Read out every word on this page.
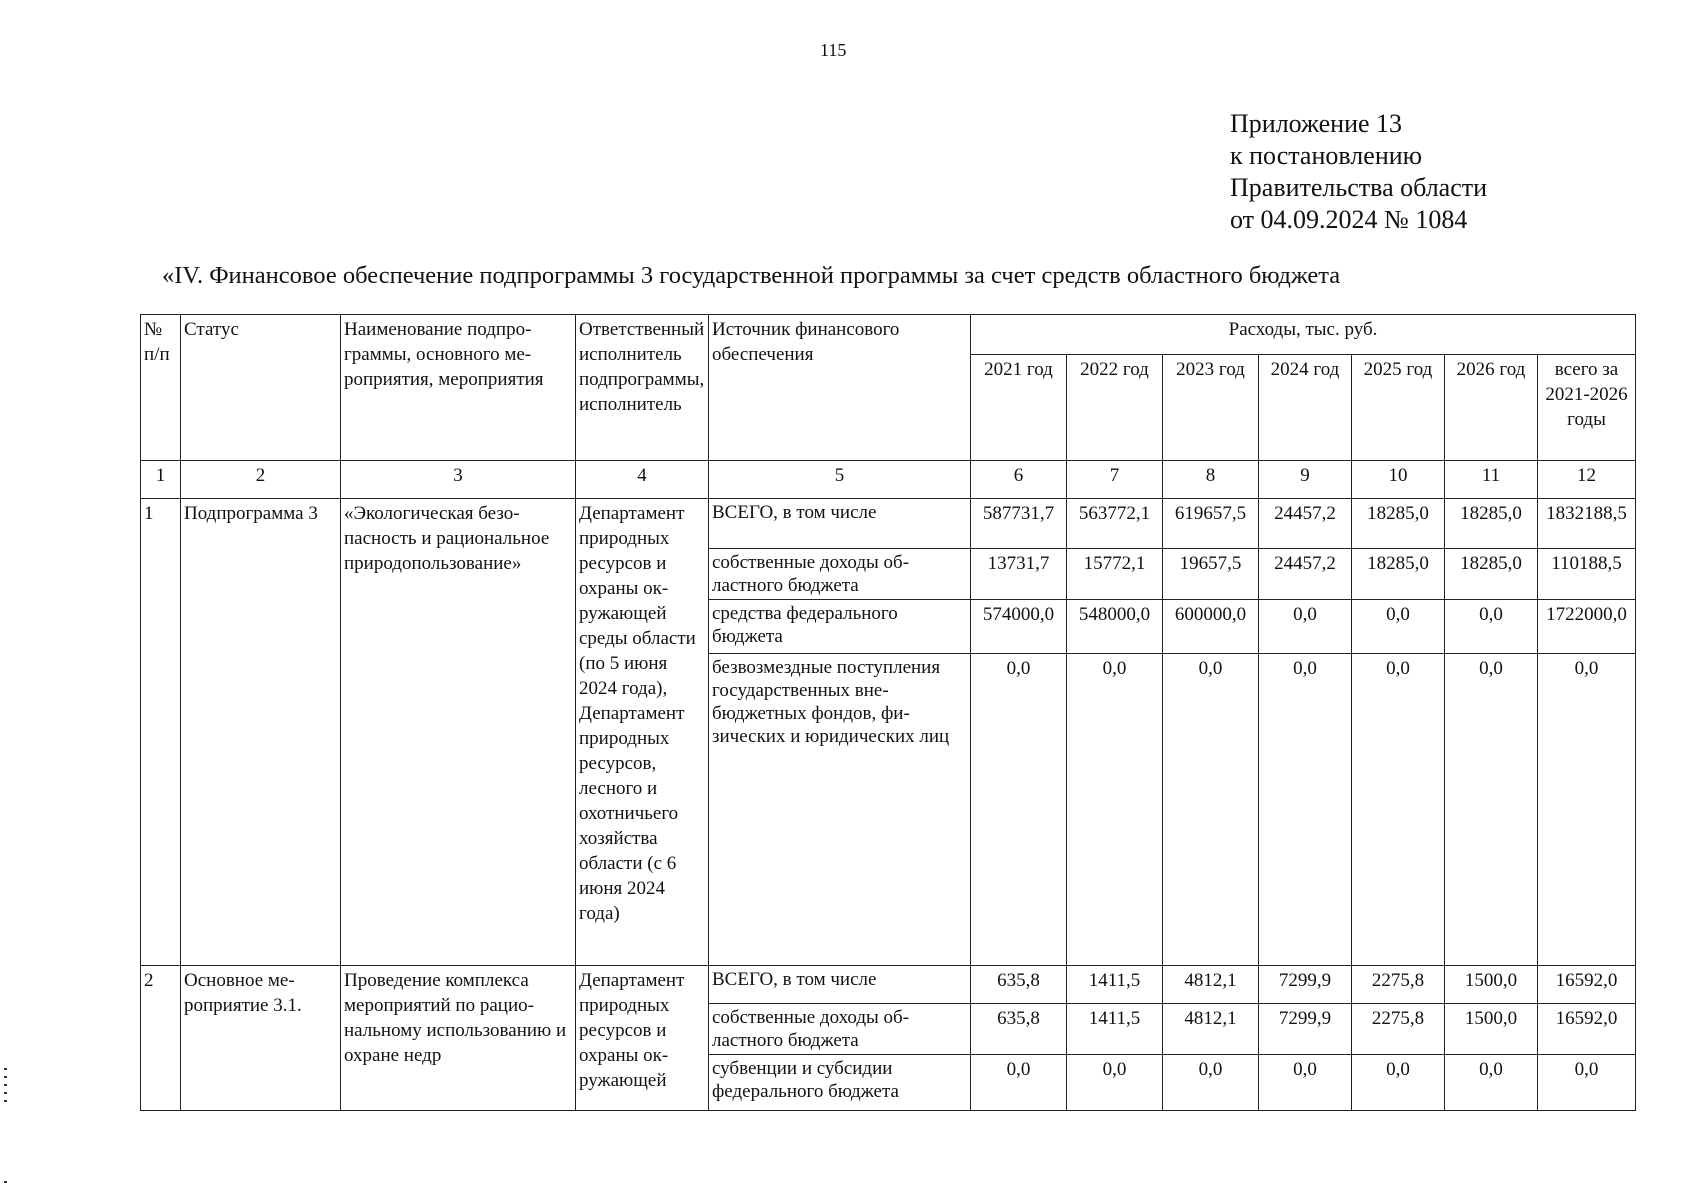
115
Приложение 13
к постановлению
Правительства области
от 04.09.2024 № 1084
«IV. Финансовое обеспечение подпрограммы 3 государственной программы за счет средств областного бюджета
№ п/п	Статус	Наименование подпрограммы, основного мероприятия, мероприятия	Ответственный исполнитель подпрограммы, исполнитель	Источник финансового обеспечения	Расходы, тыс. руб.						
					2021 год	2022 год	2023 год	2024 год	2025 год	2026 год	всего за 2021-2026 годы
1	2	3	4	5	6	7	8	9	10	11	12
1	Подпрограмма 3	«Экологическая безопасность и рациональное природопользование»	Департамент природных ресурсов и охраны окружающей среды области (по 5 июня 2024 года), Департамент природных ресурсов, лесного и охотничьего хозяйства области (с 6 июня 2024 года)	ВСЕГО, в том числе	587731,7	563772,1	619657,5	24457,2	18285,0	18285,0	1832188,5
				собственные доходы областного бюджета	13731,7	15772,1	19657,5	24457,2	18285,0	18285,0	110188,5
				средства федерального бюджета	574000,0	548000,0	600000,0	0,0	0,0	0,0	1722000,0
				безвозмездные поступления государственных внебюджетных фондов, физических и юридических лиц	0,0	0,0	0,0	0,0	0,0	0,0	0,0
2	Основное мероприятие 3.1.	Проведение комплекса мероприятий по рациональному использованию и охране недр	Департамент природных ресурсов и охраны окружающей	ВСЕГО, в том числе	635,8	1411,5	4812,1	7299,9	2275,8	1500,0	16592,0
				собственные доходы областного бюджета	635,8	1411,5	4812,1	7299,9	2275,8	1500,0	16592,0
				субвенции и субсидии федерального бюджета	0,0	0,0	0,0	0,0	0,0	0,0	0,0
